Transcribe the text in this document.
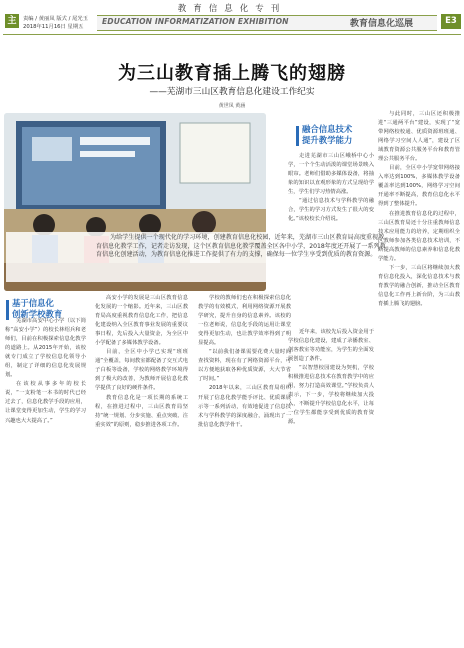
教育信息化专刊
主	责编 / 黄丽凤 版式 / 尾光玉
2018年11月16日 星期五
EDUCATION INFORMATIZATION EXHIBITION	教育信息化巡展	E3
为三山教育插上腾飞的翅膀
——芜湖市三山区教育信息化建设工作纪实
黄世凤 黄涵
为给学生提供一个现代化的学习环境，创建教育信息化校园，近年来，芜湖市三山区教育局高度重视教育信息化教学工作，记者走访发现，这个区教育信息化教学覆盖全区各中小学，2018年度还开展了一系列教育信息化创建活动，为教育信息化推进工作提供了有力的支撑，确保每一位学生享受到优质的教育资源。
基于信息化
创新学校教育

芜湖市高安中心小学（以下简称“高安小学”）的校长林绍兵和老师们，目前在积极探索信息化教学的道路上。从2015年开始，该校就专门成立了学校信息化领导小组，制定了详细的信息化发展规划。

在该校从事多年的校长说，“一支粉笔一本书的时代已经过去了，信息化教学手段的应用，让课堂变得更加生动，学生的学习兴趣也大大提高了。”

高安小学的发展是三山区教育信息化发展的一个缩影。近年来，三山区教育局高度重视教育信息化工作，把信息化建设纳入全区教育事业发展的重要议事日程，先后投入大量资金，为全区中小学配备了多媒体教学设备。

目前，全区中小学已实现“班班通”全覆盖，每间教室都配备了交互式电子白板等设备，学校的网络教学环境得到了极大的改善，为教师开展信息化教学提供了良好的硬件条件。

教育信息化是一项长期的系统工程，在推进过程中，三山区教育局坚持“统一规划、分步实施、重点突破、注重实效”的原则，稳步推进各项工作。

学校的教师们也在积极探索信息化教学的有效模式，利用网络资源开展教学研究，提升自身的信息素养。该校的一位老师说，信息化手段的运用让课堂变得更加生动，也让教学效率得到了明显提高。

“以前我们备课需要花费大量时间查找资料，现在有了网络资源平台，可以方便地获取各种优质资源，大大节省了时间。”

2018年以来，三山区教育局组织开展了信息化教学能手评比、优质课展示等一系列活动，有效地促进了信息技术与学科教学的深度融合，涌现出了一批信息化教学骨干。

融合信息技术
提升教学能力

走进芜湖市三山区峨桥中心小学，一个个生动活泼的课堂场景映入眼帘。老师们借助多媒体设备，将抽象的知识以直观形象的方式呈现给学生，学生们学习热情高涨。

“通过信息技术与学科教学的融合，学生的学习方式发生了很大的变化。”该校校长介绍说。

近年来，该校先后投入资金用于学校信息化建设，建成了录播教室、创客教室等功能室，为学生的全面发展创造了条件。

“以智慧校园建设为契机，学校积极推进信息技术在教育教学中的应用，努力打造高效课堂。”学校负责人表示，下一步，学校将继续加大投入，不断提升学校信息化水平，让每一位学生都能享受到优质的教育资源。

与此同时，三山区还积极推进“三通两平台”建设，实现了“宽带网络校校通、优质资源班班通、网络学习空间人人通”，建设了区域教育资源公共服务平台和教育管理公共服务平台。

目前，全区中小学宽带网络接入率达到100%，多媒体教学设备覆盖率达到100%，网络学习空间开通率不断提高，教育信息化水平得到了整体提升。

在推进教育信息化的过程中，三山区教育局还十分注重教师信息技术应用能力的培养，定期组织全区教师参加各类信息技术培训，不断提高教师的信息素养和信息化教学能力。

下一步，三山区将继续加大教育信息化投入，深化信息技术与教育教学的融合创新，推动全区教育信息化工作再上新台阶，为三山教育插上腾飞的翅膀。
